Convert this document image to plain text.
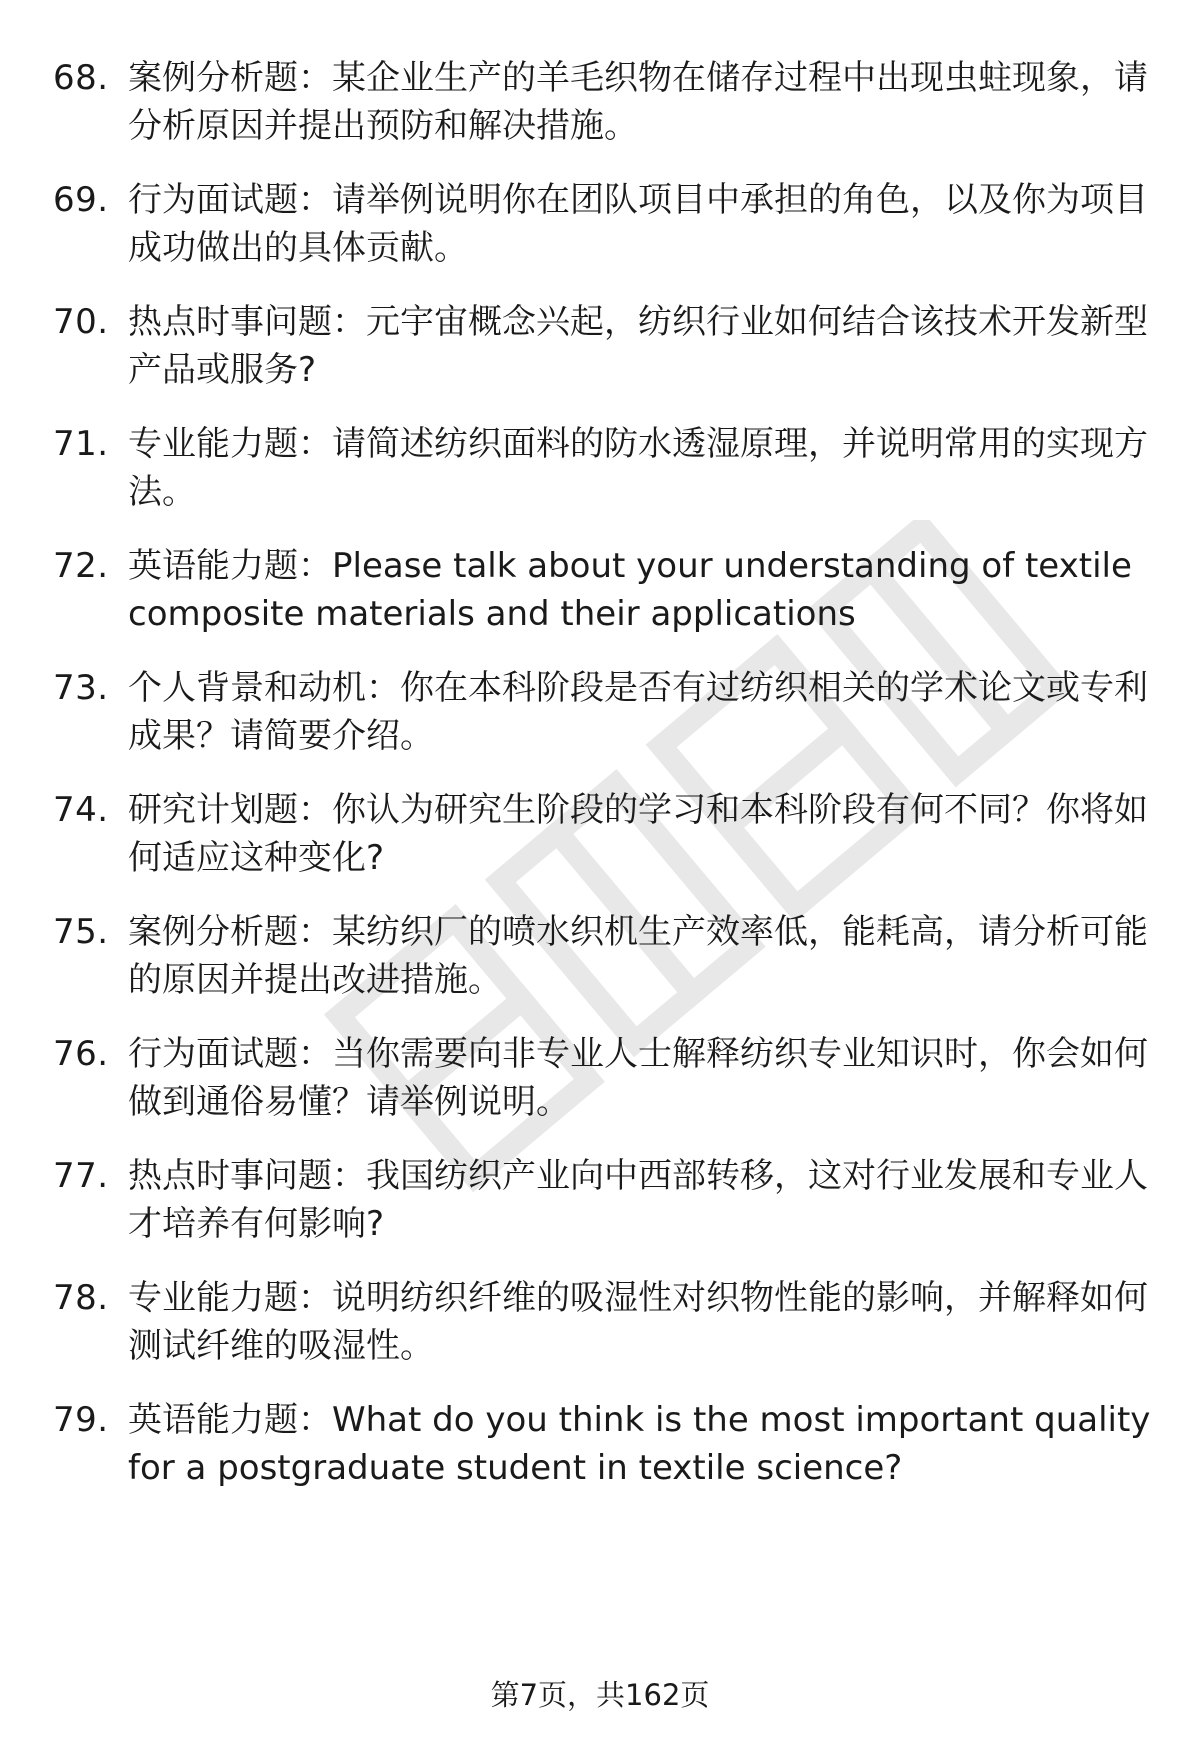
68. 案例分析题：某企业生产的羊毛织物在储存过程中出现虫蛀现象，请分析原因并提出预防和解决措施。
69. 行为面试题：请举例说明你在团队项目中承担的角色，以及你为项目成功做出的具体贡献。
70. 热点时事问题：元宇宙概念兴起，纺织行业如何结合该技术开发新型产品或服务?
71. 专业能力题：请简述纺织面料的防水透湿原理，并说明常用的实现方法。
72. 英语能力题：Please talk about your understanding of textile composite materials and their applications
73. 个人背景和动机：你在本科阶段是否有过纺织相关的学术论文或专利成果？请简要介绍。
74. 研究计划题：你认为研究生阶段的学习和本科阶段有何不同？你将如何适应这种变化?
75. 案例分析题：某纺织厂的喷水织机生产效率低，能耗高，请分析可能的原因并提出改进措施。
76. 行为面试题：当你需要向非专业人士解释纺织专业知识时，你会如何做到通俗易懂？请举例说明。
77. 热点时事问题：我国纺织产业向中西部转移，这对行业发展和专业人才培养有何影响?
78. 专业能力题：说明纺织纤维的吸湿性对织物性能的影响，并解释如何测试纤维的吸湿性。
79. 英语能力题：What do you think is the most important quality for a postgraduate student in textile science?
第7页，共162页
